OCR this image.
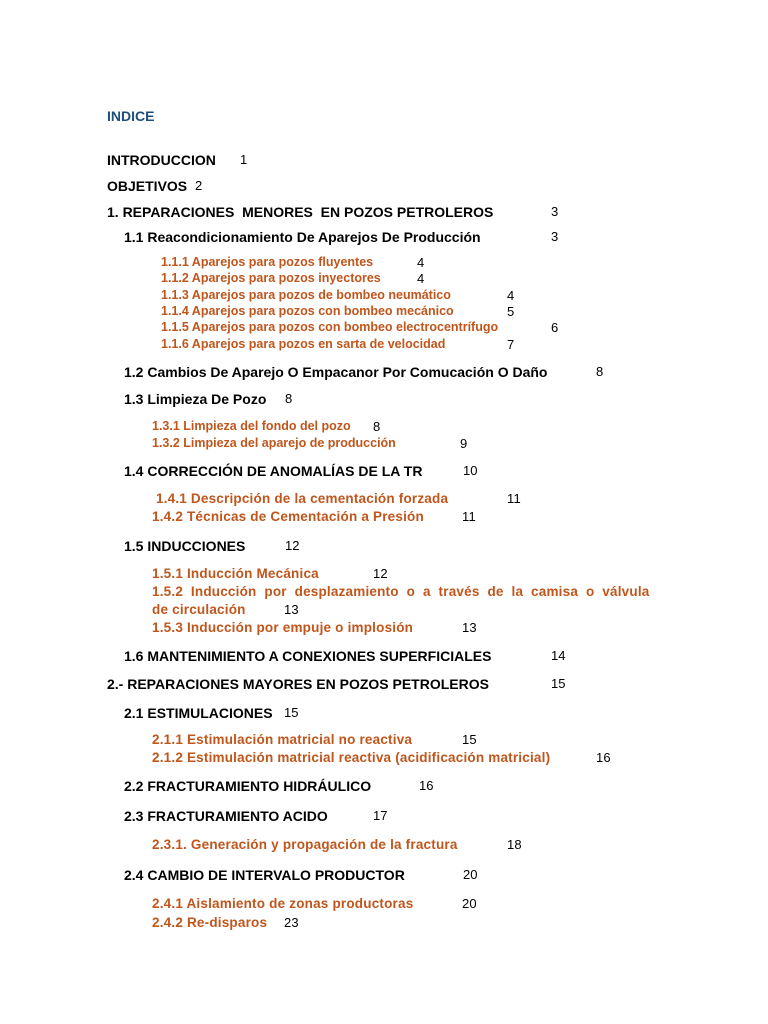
INDICE
INTRODUCCION 1
OBJETIVOS 2
1. REPARACIONES  MENORES  EN POZOS PETROLEROS	3
1.1 Reacondicionamiento De Aparejos De Producción	3
1.1.1 Aparejos para pozos fluyentes	4
1.1.2 Aparejos para pozos inyectores	4
1.1.3 Aparejos para pozos de bombeo neumático	4
1.1.4 Aparejos para pozos con bombeo mecánico	5
1.1.5 Aparejos para pozos con bombeo electrocentrífugo	6
1.1.6 Aparejos para pozos en sarta de velocidad	7
1.2 Cambios De Aparejo O Empacanor Por Comucación O Daño	8
1.3 Limpieza De Pozo 8
1.3.1 Limpieza del fondo del pozo 8
1.3.2 Limpieza del aparejo de producción	9
1.4 CORRECCIÓN DE ANOMALÍAS DE LA TR	10
1.4.1 Descripción de la cementación forzada	11
1.4.2 Técnicas de Cementación a Presión	11
1.5 INDUCCIONES	12
1.5.1 Inducción Mecánica	12
1.5.2  Inducción  por  desplazamiento  o  a  través  de  la  camisa  o  válvula
de circulación	13
1.5.3 Inducción por empuje o implosión	13
1.6 MANTENIMIENTO A CONEXIONES SUPERFICIALES	14
2.- REPARACIONES MAYORES EN POZOS PETROLEROS	15
2.1 ESTIMULACIONES 15
2.1.1 Estimulación matricial no reactiva	15
2.1.2 Estimulación matricial reactiva (acidificación matricial)	16
2.2 FRACTURAMIENTO HIDRÁULICO	16
2.3 FRACTURAMIENTO ACIDO	17
2.3.1. Generación y propagación de la fractura	18
2.4 CAMBIO DE INTERVALO PRODUCTOR	20
2.4.1 Aislamiento de zonas productoras	20
2.4.2 Re-disparos 23
